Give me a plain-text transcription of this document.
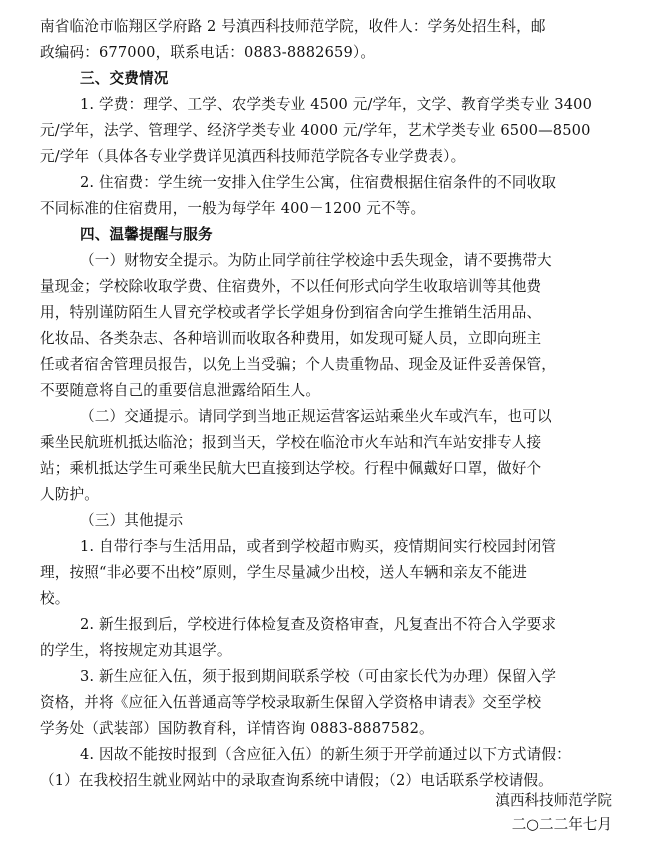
南省临沧市临翔区学府路 2 号滇西科技师范学院，收件人：学务处招生科，邮
政编码：677000，联系电话：0883-8882659）。
三、交费情况
1. 学费：理学、工学、农学类专业 4500 元/学年，文学、教育学类专业 3400
元/学年，法学、管理学、经济学类专业 4000 元/学年，艺术学类专业 6500—8500
元/学年（具体各专业学费详见滇西科技师范学院各专业学费表）。
2. 住宿费：学生统一安排入住学生公寓，住宿费根据住宿条件的不同收取
不同标准的住宿费用，一般为每学年 400－1200 元不等。
四、温馨提醒与服务
（一）财物安全提示。为防止同学前往学校途中丢失现金，请不要携带大
量现金；学校除收取学费、住宿费外，不以任何形式向学生收取培训等其他费
用，特别谨防陌生人冒充学校或者学长学姐身份到宿舍向学生推销生活用品、
化妆品、各类杂志、各种培训而收取各种费用，如发现可疑人员，立即向班主
任或者宿舍管理员报告，以免上当受骗；个人贵重物品、现金及证件妥善保管，
不要随意将自己的重要信息泄露给陌生人。
（二）交通提示。请同学到当地正规运营客运站乘坐火车或汽车，也可以
乘坐民航班机抵达临沧；报到当天，学校在临沧市火车站和汽车站安排专人接
站；乘机抵达学生可乘坐民航大巴直接到达学校。行程中佩戴好口罩，做好个
人防护。
（三）其他提示
1. 自带行李与生活用品，或者到学校超市购买，疫情期间实行校园封闭管
理，按照“非必要不出校”原则，学生尽量减少出校，送人车辆和亲友不能进
校。
2. 新生报到后，学校进行体检复查及资格审查，凡复查出不符合入学要求
的学生，将按规定劝其退学。
3. 新生应征入伍，须于报到期间联系学校（可由家长代为办理）保留入学
资格，并将《应征入伍普通高等学校录取新生保留入学资格申请表》交至学校
学务处（武装部）国防教育科，详情咨询 0883-8887582。
4. 因故不能按时报到（含应征入伍）的新生须于开学前通过以下方式请假：
（1）在我校招生就业网站中的录取查询系统中请假；（2）电话联系学校请假。
滇西科技师范学院
二○二二年七月
